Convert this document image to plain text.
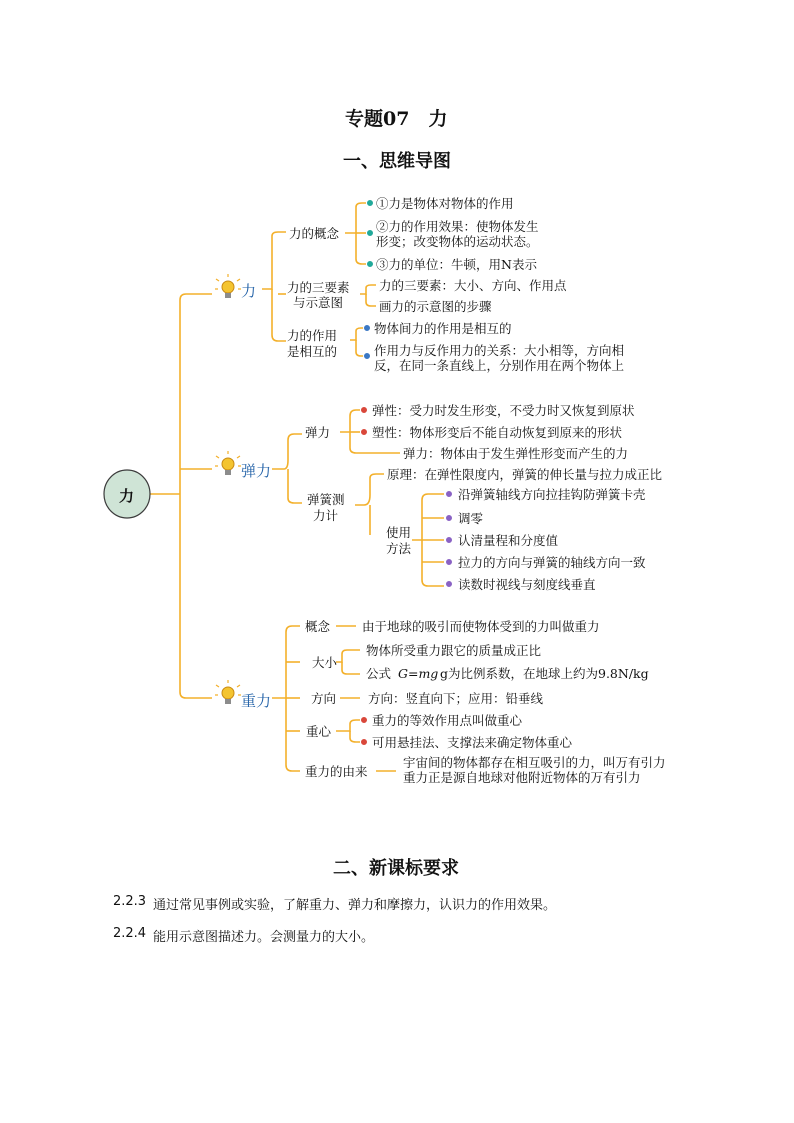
专题07　力
一、思维导图
力
力
弹力
重力
力的概念
①力是物体对物体的作用
②力的作用效果：使物体发生
形变；改变物体的运动状态。
③力的单位：牛顿，用N表示
力的三要素
与示意图
力的三要素：大小、方向、作用点
画力的示意图的步骤
力的作用
是相互的
物体间力的作用是相互的
作用力与反作用力的关系：大小相等，方向相
反，在同一条直线上，分别作用在两个物体上
弹力
弹性：受力时发生形变，不受力时又恢复到原状
塑性：物体形变后不能自动恢复到原来的形状
弹力：物体由于发生弹性形变而产生的力
弹簧测
力计
原理：在弹性限度内，弹簧的伸长量与拉力成正比
使用
方法
沿弹簧轴线方向拉挂钩防弹簧卡壳
调零
认清量程和分度值
拉力的方向与弹簧的轴线方向一致
读数时视线与刻度线垂直
概念	由于地球的吸引而使物体受到的力叫做重力
大小
物体所受重力跟它的质量成正比
公式 G=mg g为比例系数，在地球上约为9.8N/kg
方向	方向：竖直向下；应用：铅垂线
重心
重力的等效作用点叫做重心
可用悬挂法、支撑法来确定物体重心
重力的由来
宇宙间的物体都存在相互吸引的力，叫万有引力
重力正是源自地球对他附近物体的万有引力
二、新课标要求
2.2.3 通过常见事例或实验，了解重力、弹力和摩擦力，认识力的作用效果。
2.2.4 能用示意图描述力。会测量力的大小。
